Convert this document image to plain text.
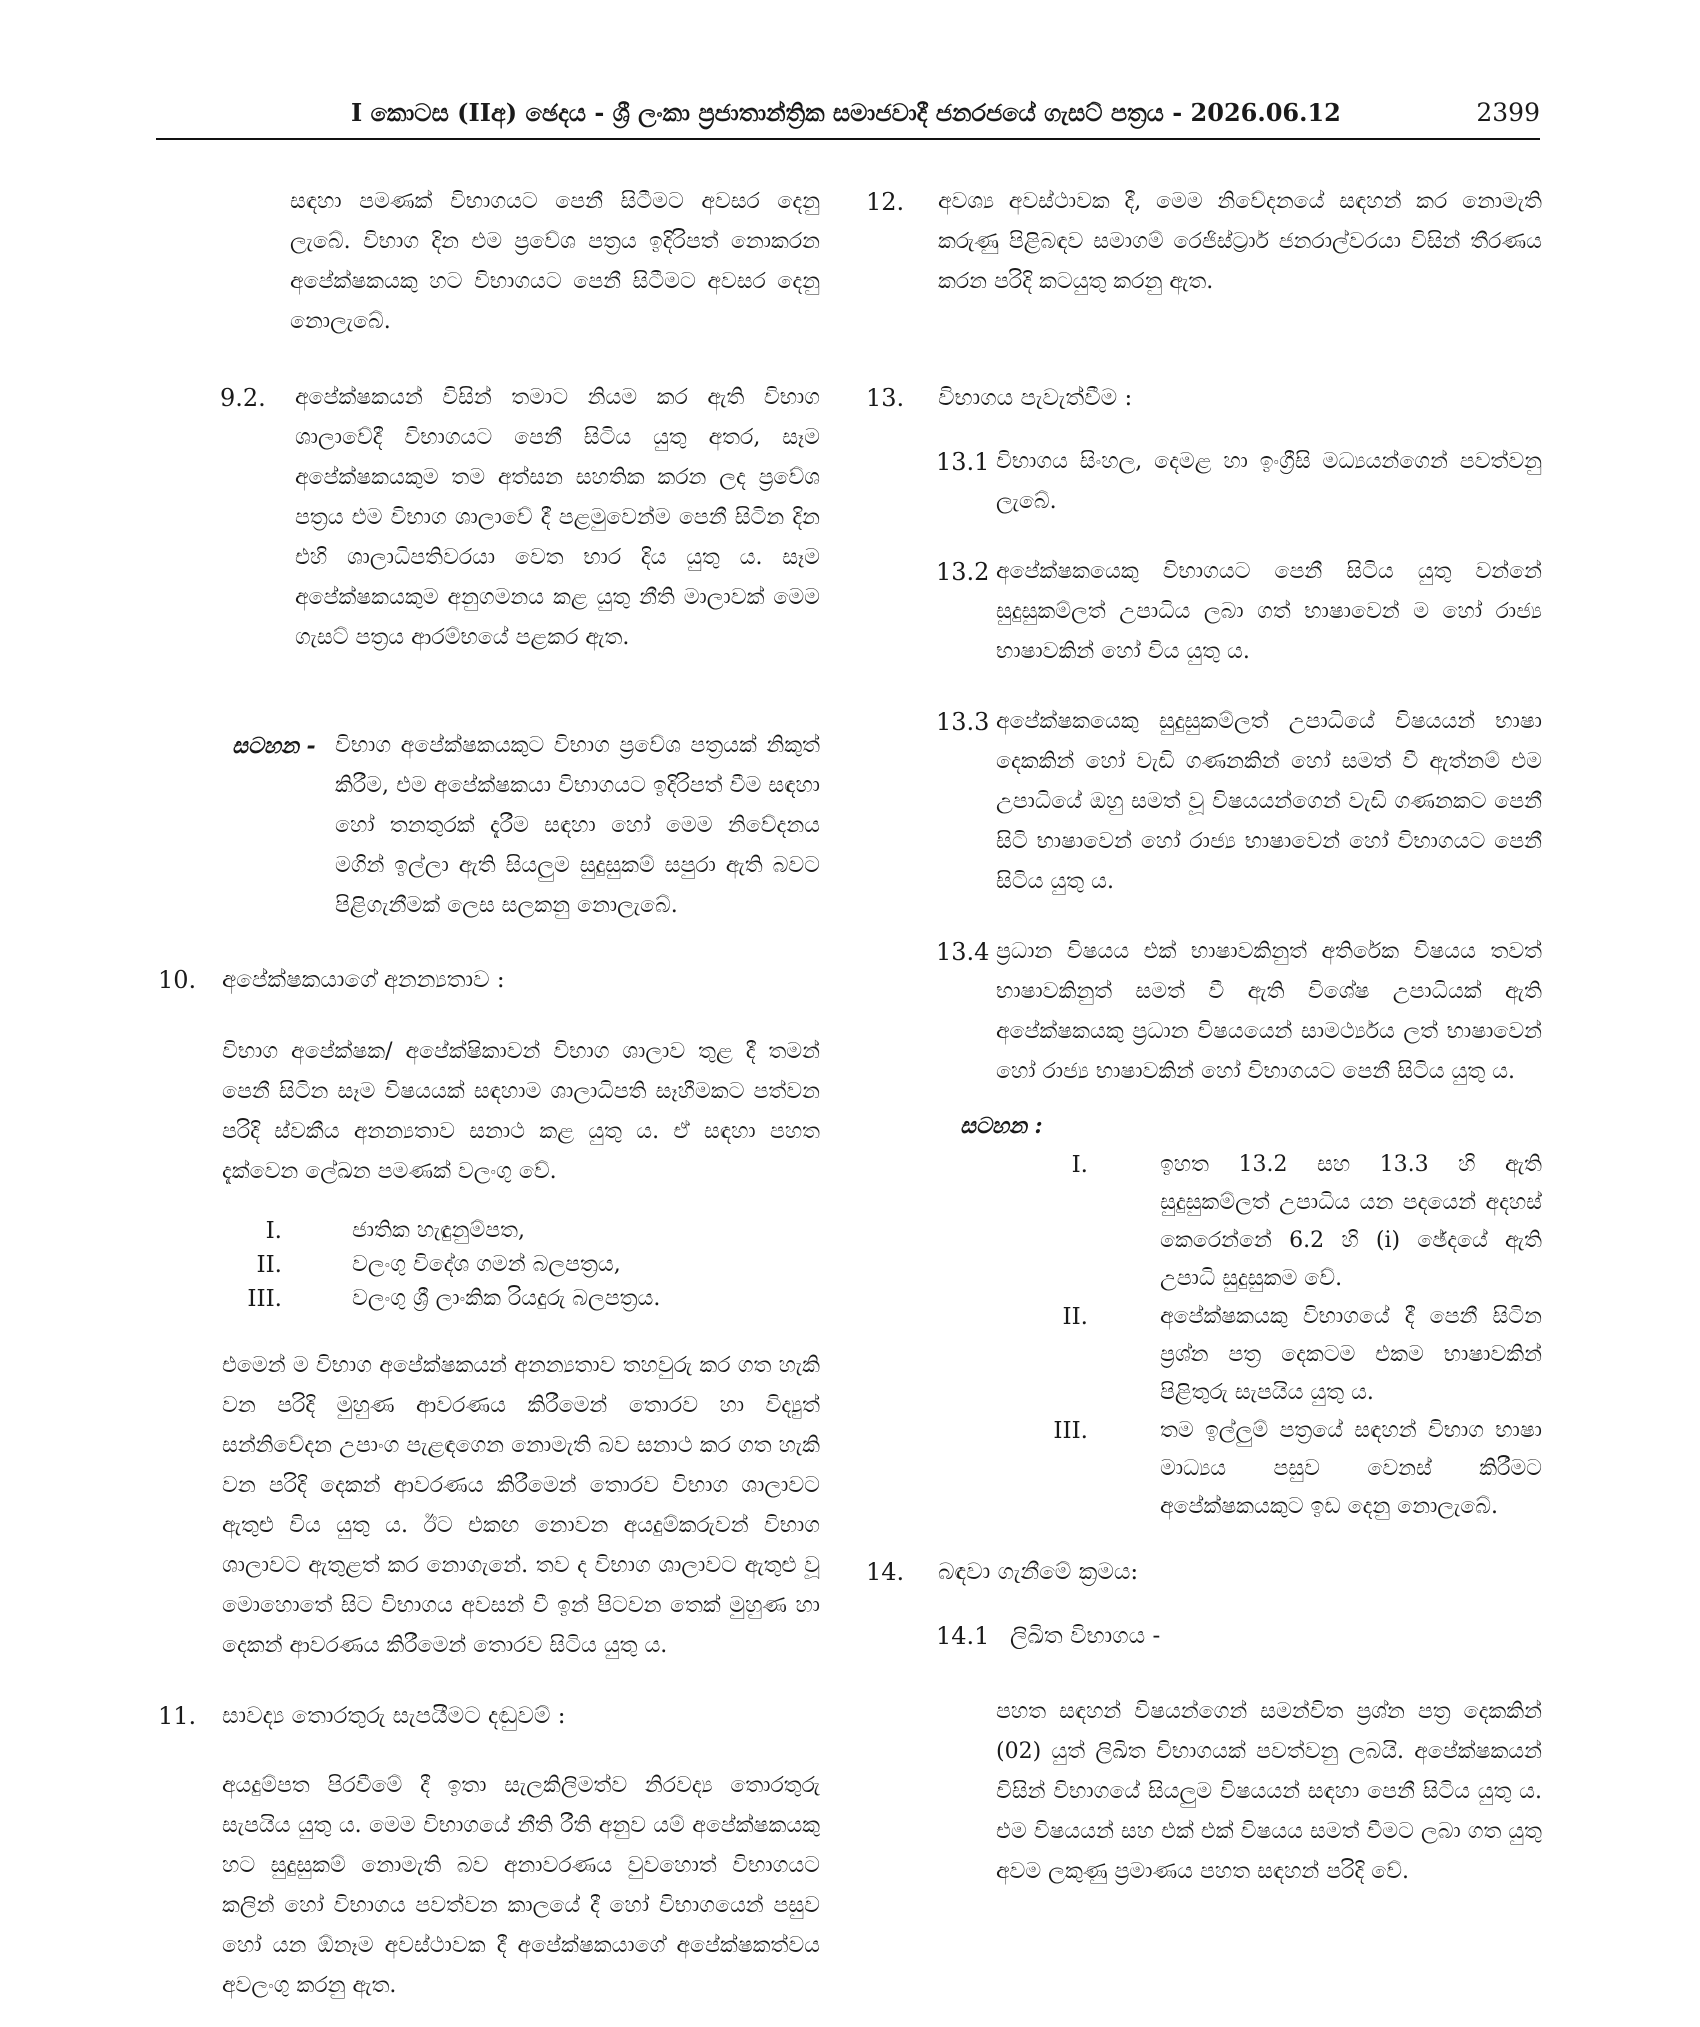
I කොටස (IIඅ) ඡෙදය - ශ්‍රී ලංකා ප්‍රජාතාන්ත්‍රික සමාජවාදී ජනරජයේ ගැසට් පත්‍රය - 2026.06.12	2399
සඳහා පමණක් විභාගයට පෙනී සිටීමට අවසර දෙනු ලැබේ. විභාග දින එම ප්‍රවේශ පත්‍රය ඉදිරිපත් නොකරන අපේක්ෂකයකු හට විභාගයට පෙනී සිටීමට අවසර දෙනු නොලැබේ.
9.2. අපේක්ෂකයන් විසින් තමාට නියම කර ඇති විභාග ශාලාවේදී විභාගයට පෙනී සිටිය යුතු අතර, සෑම අපේක්ෂකයකුම තම අත්සන සහතික කරන ලද ප්‍රවේශ පත්‍රය එම විභාග ශාලාවේ දී පළමුවෙන්ම පෙනී සිටින දින එහි ශාලාධිපතිවරයා වෙත භාර දිය යුතු ය. සෑම අපේක්ෂකයකුම අනුගමනය කළ යුතු නීති මාලාවක් මෙම ගැසට් පත්‍රය ආරම්භයේ පළකර ඇත.
සටහන - විභාග අපේක්ෂකයකුට විභාග ප්‍රවේශ පත්‍රයක් නිකුත් කිරීම, එම අපේක්ෂකයා විභාගයට ඉදිරිපත් වීම සඳහා හෝ තනතුරක් දැරීම සඳහා හෝ මෙම නිවේදනය මගින් ඉල්ලා ඇති සියලුම සුදුසුකම් සපුරා ඇති බවට පිළිගැනීමක් ලෙස සලකනු නොලැබේ.
10. අපේක්ෂකයාගේ අනන්‍යතාව :
විභාග අපේක්ෂක/ අපේක්ෂිකාවන් විභාග ශාලාව තුළ දී තමන් පෙනී සිටින සෑම විෂයයක් සඳහාම ශාලාධිපති සෑහීමකට පත්වන පරිදි ස්වකීය අනන්‍යතාව සනාථ කළ යුතු ය. ඒ සඳහා පහත දැක්වෙන ලේඛන පමණක් වලංගු වේ.
I.	ජාතික හැඳුනුම්පත,
II.	වලංගු විදේශ ගමන් බලපත්‍රය,
III.	වලංගු ශ්‍රී ලාංකික රියදුරු බලපත්‍රය.
එමෙන් ම විභාග අපේක්ෂකයන් අනන්‍යතාව තහවුරු කර ගත හැකි වන පරිදි මුහුණ ආවරණය කිරීමෙන් තොරව හා විද්‍යුත් සන්නිවේදන උපාංග පැළඳගෙන නොමැති බව සනාථ කර ගත හැකි වන පරිදි දෙකන් ආවරණය කිරීමෙන් තොරව විභාග ශාලාවට ඇතුළු විය යුතු ය. ඊට එකඟ නොවන අයදුම්කරුවන් විභාග ශාලාවට ඇතුළත් කර නොගැනේ. තව ද විභාග ශාලාවට ඇතුළු වූ මොහොතේ සිට විභාගය අවසන් වී ඉන් පිටවන තෙක් මුහුණ හා දෙකන් ආවරණය කිරීමෙන් තොරව සිටිය යුතු ය.
11. සාවද්‍ය තොරතුරු සැපයීමට දඬුවම් :
අයදුම්පත පිරවීමේ දී ඉතා සැලකිලිමත්ව නිරවද්‍ය තොරතුරු සැපයිය යුතු ය. මෙම විභාගයේ නීති රීති අනුව යම් අපේක්ෂකයකු හට සුදුසුකම් නොමැති බව අනාවරණය වුවහොත් විභාගයට කලින් හෝ විභාගය පවත්වන කාලයේ දී හෝ විභාගයෙන් පසුව හෝ යන ඕනෑම අවස්ථාවක දී අපේක්ෂකයාගේ අපේක්ෂකත්වය අවලංගු කරනු ඇත.
12. අවශ්‍ය අවස්ථාවක දී, මෙම නිවේදනයේ සඳහන් කර නොමැති කරුණු පිළිබඳව සමාගම් රෙජිස්ට්‍රාර් ජනරාල්වරයා විසින් තීරණය කරන පරිදි කටයුතු කරනු ඇත.
13. විභාගය පැවැත්වීම :
13.1 විභාගය සිංහල, දෙමළ හා ඉංග්‍රීසි මධ්‍යයන්ගෙන් පවත්වනු ලැබේ.
13.2 අපේක්ෂකයෙකු විභාගයට පෙනී සිටිය යුතු වන්නේ සුදුසුකම්ලත් උපාධිය ලබා ගත් භාෂාවෙන් ම හෝ රාජ්‍ය භාෂාවකින් හෝ විය යුතු ය.
13.3 අපේක්ෂකයෙකු සුදුසුකම්ලත් උපාධියේ විෂයයන් භාෂා දෙකකින් හෝ වැඩි ගණනකින් හෝ සමත් වී ඇත්නම් එම උපාධියේ ඔහු සමත් වූ විෂයයන්ගෙන් වැඩි ගණනකට පෙනී සිටි භාෂාවෙන් හෝ රාජ්‍ය භාෂාවෙන් හෝ විභාගයට පෙනී සිටිය යුතු ය.
13.4 ප්‍රධාන විෂයය එක් භාෂාවකිනුත් අතිරේක විෂයය තවත් භාෂාවකිනුත් සමත් වී ඇති විශේෂ උපාධියක් ඇති අපේක්ෂකයකු ප්‍රධාන විෂයයෙන් සාමර්ථ්‍යය ලත් භාෂාවෙන් හෝ රාජ්‍ය භාෂාවකින් හෝ විභාගයට පෙනී සිටිය යුතු ය.
සටහන :
I.	ඉහත 13.2 සහ 13.3 හි ඇති සුදුසුකම්ලත් උපාධිය යන පදයෙන් අදහස් කෙරෙන්නේ 6.2 හි (i) ඡේදයේ ඇති උපාධි සුදුසුකම වේ.
II.	අපේක්ෂකයකු විභාගයේ දී පෙනී සිටින ප්‍රශ්න පත්‍ර දෙකටම එකම භාෂාවකින් පිළිතුරු සැපයිය යුතු ය.
III.	තම ඉල්ලුම් පත්‍රයේ සඳහන් විභාග භාෂා මාධ්‍යය පසුව වෙනස් කිරීමට අපේක්ෂකයකුට ඉඩ දෙනු නොලැබේ.
14. බඳවා ගැනීමේ ක්‍රමය:
14.1 ලිඛිත විභාගය -
පහත සඳහන් විෂයන්ගෙන් සමන්විත ප්‍රශ්න පත්‍ර දෙකකින් (02) යුත් ලිඛිත විභාගයක් පවත්වනු ලබයි. අපේක්ෂකයන් විසින් විභාගයේ සියලුම විෂයයන් සඳහා පෙනී සිටිය යුතු ය. එම විෂයයන් සහ එක් එක් විෂයය සමත් වීමට ලබා ගත යුතු අවම ලකුණු ප්‍රමාණය පහත සඳහන් පරිදි වේ.
